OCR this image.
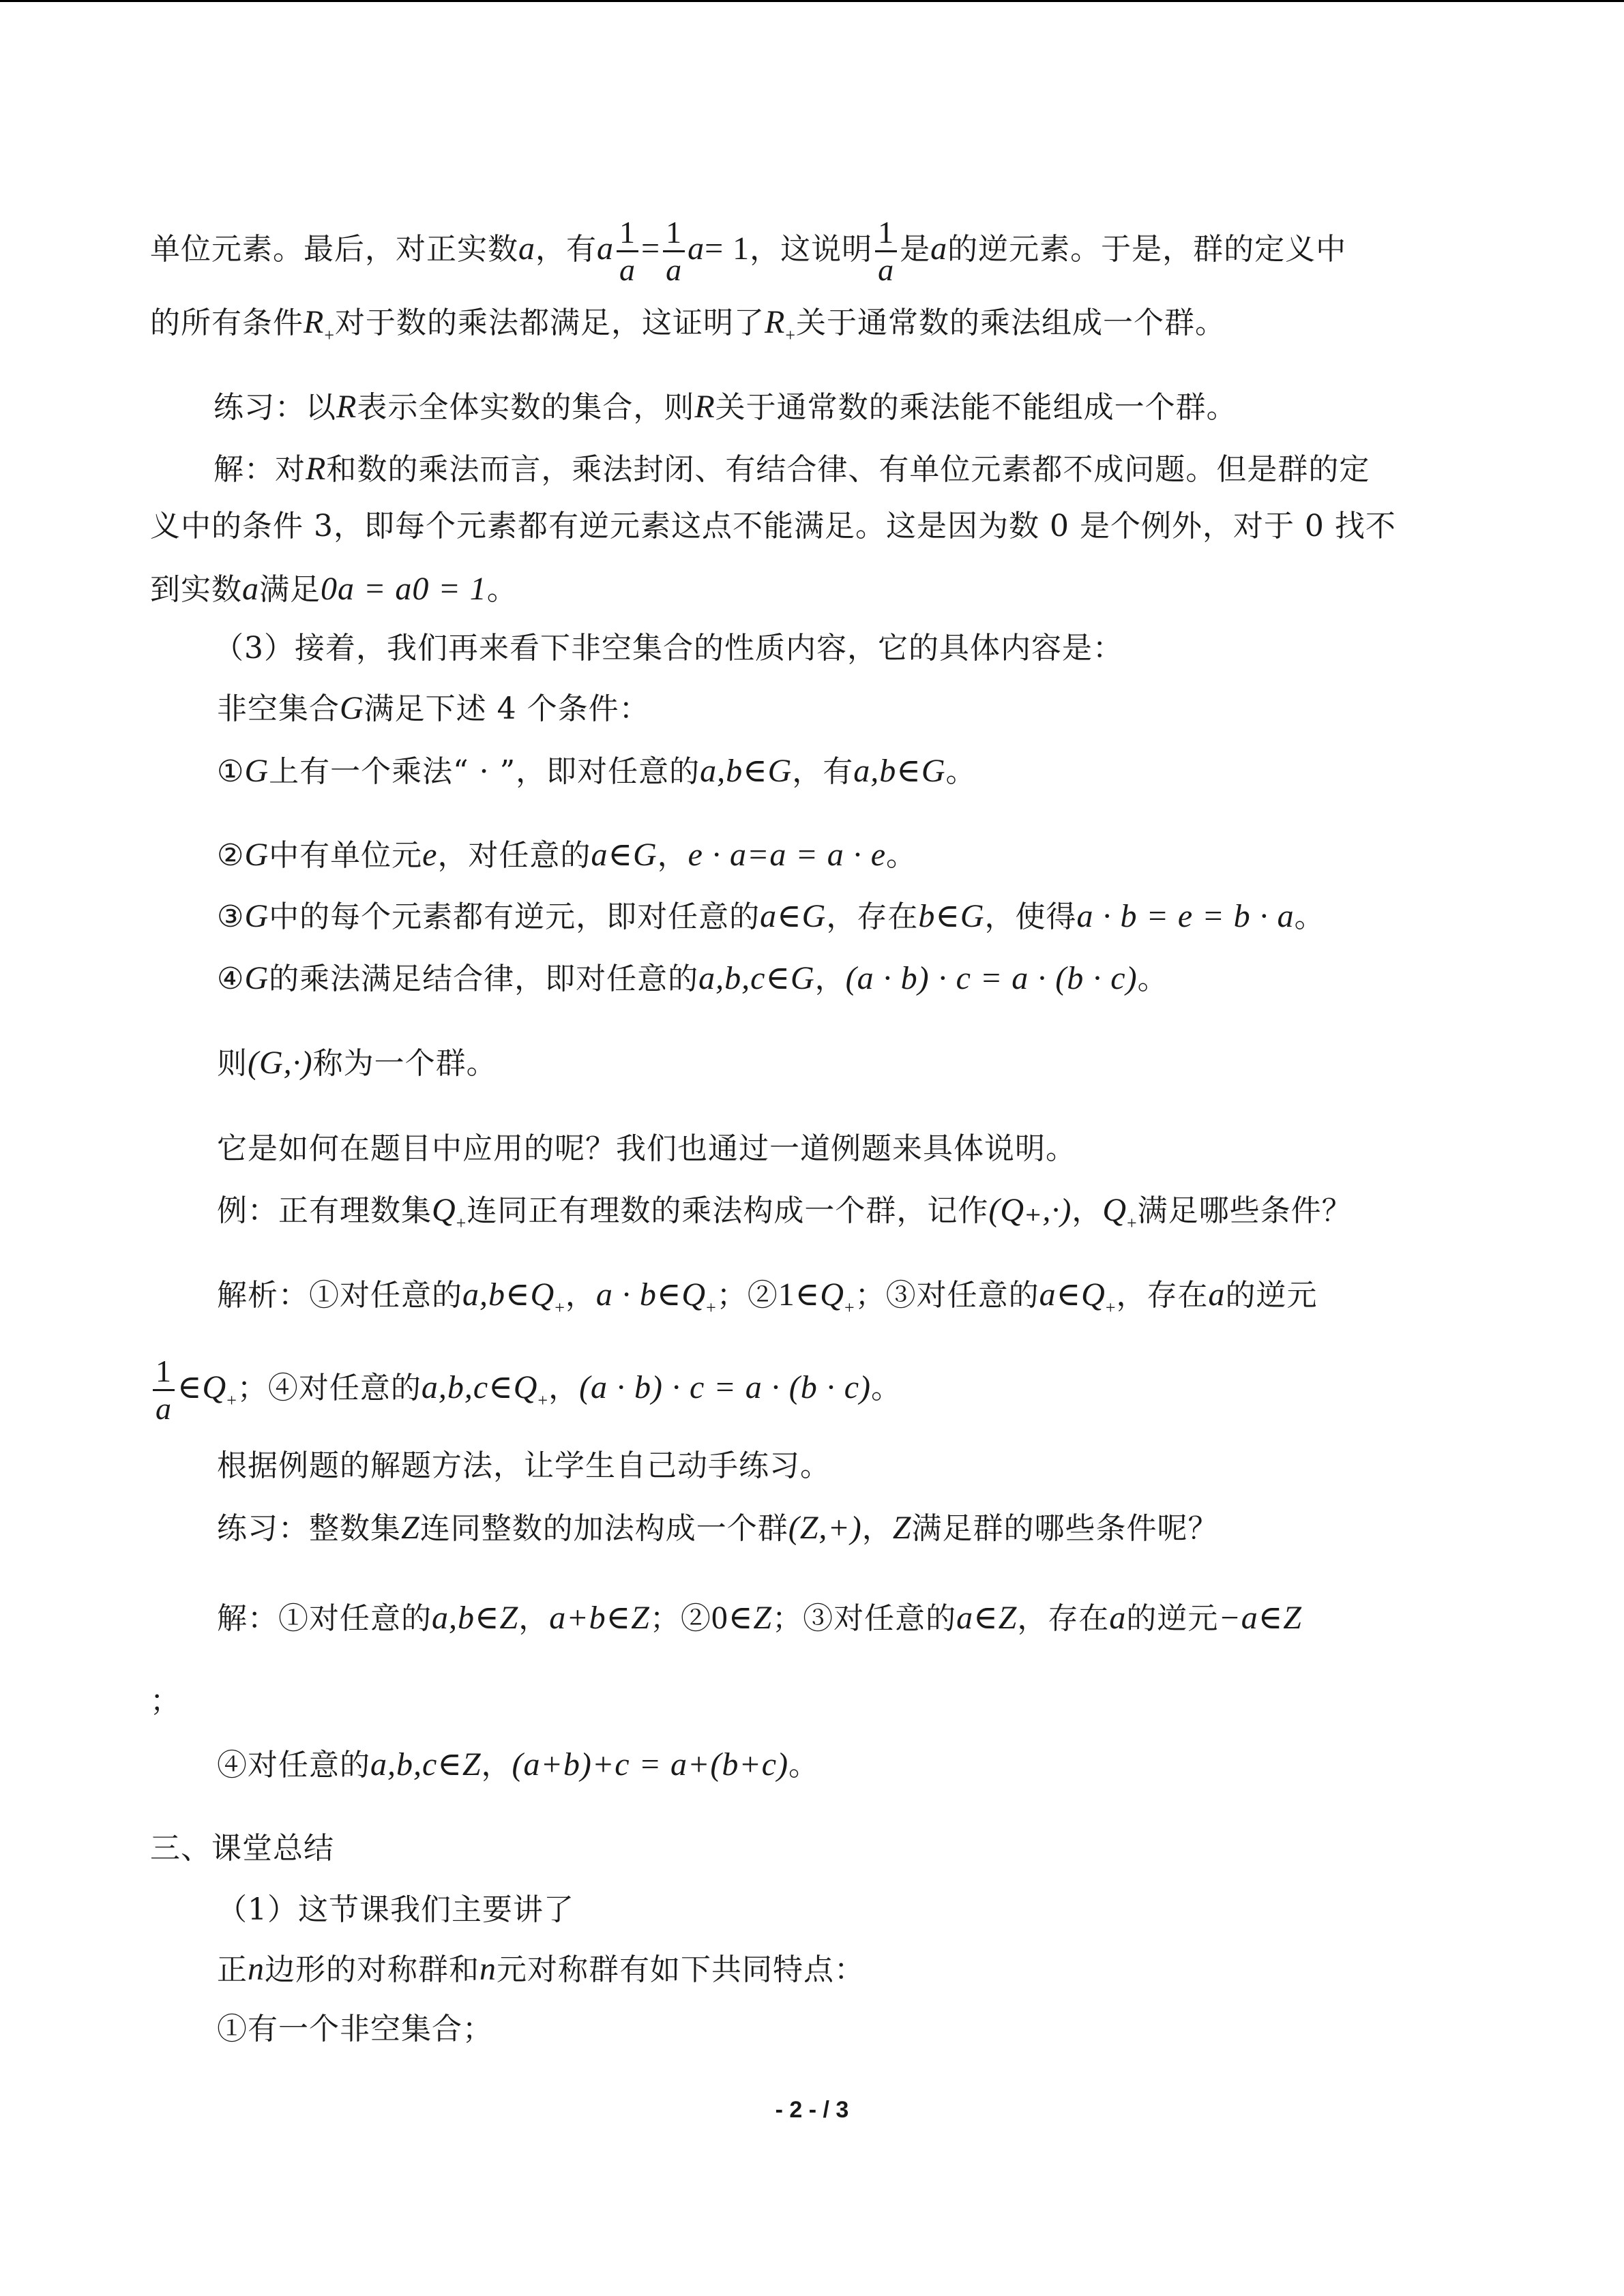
单位元素。最后，对正实数a，有a $\frac{1}{a} = \frac{1}{a} a= 1$，这说明 $\frac{1}{a}$ 是a的逆元素。于是，群的定义中
的所有条件$R_+$对于数的乘法都满足，这证明了$R_+$关于通常数的乘法组成一个群。
练习：以R表示全体实数的集合，则R关于通常数的乘法能不能组成一个群。
解：对R和数的乘法而言，乘法封闭、有结合律、有单位元素都不成问题。但是群的定
义中的条件 3，即每个元素都有逆元素这点不能满足。这是因为数 0 是个例外，对于 0 找不
到实数a满足0a = a0 = 1。
（3）接着，我们再来看下非空集合的性质内容，它的具体内容是：
非空集合G满足下述 4 个条件：
①G上有一个乘法“ · ”，即对任意的a,b∈G，有a,b∈G。
②G中有单位元e，对任意的a∈G，e · a=a = a · e。
③G中的每个元素都有逆元，即对任意的a∈G，存在b∈G，使得a · b = e = b · a。
④G的乘法满足结合律，即对任意的a,b,c∈G，(a · b) · c = a · (b · c)。
则(G,·)称为一个群。
它是如何在题目中应用的呢？我们也通过一道例题来具体说明。
例：正有理数集$Q_+$连同正有理数的乘法构成一个群，记作(Q₊,·)，$Q_+$满足哪些条件？
解析：①对任意的$a,b\in Q_+$，$a \cdot b\in Q_+$；$②1\in Q_+$；③对任意的$a\in Q_+$，存在a的逆元
$\frac{1}{a}$ $\in Q_+$；④对任意的$a,b,c\in Q_+$，(a · b) · c = a · (b · c)。
根据例题的解题方法，让学生自己动手练习。
练习：整数集Z连同整数的加法构成一个群(Z,+)，Z满足群的哪些条件呢？
解：①对任意的a,b∈Z，a+b∈Z；②0∈Z；③对任意的a∈Z，存在a的逆元−a∈Z
；
④对任意的a,b,c∈Z，(a+b)+c = a+(b+c)。
三、课堂总结
（1）这节课我们主要讲了
正n边形的对称群和n元对称群有如下共同特点：
①有一个非空集合；
- 2 - / 3
